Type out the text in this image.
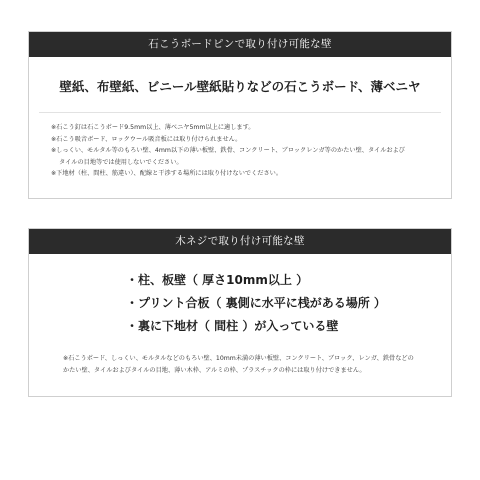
石こうボードピンで取り付け可能な壁
壁紙、布壁紙、ビニール壁紙貼りなどの石こうボード、薄ベニヤ
※石こう釘は石こうボード9.5mm以上、薄ベニヤ5mm以上に適します。
※石こう吸音ボード、ロックウール吸音板には取り付けられません。
※しっくい、モルタル等のもろい壁、4mm以下の薄い板壁、鉄骨、コンクリート、ブロックレンガ等のかたい壁、タイルおよび
タイルの目地等では使用しないでください。
※下地材（柱、間柱、筋違い）、配線と干渉する場所には取り付けないでください。
木ネジで取り付け可能な壁
・柱、板壁（ 厚さ10mm以上 ）
・プリント合板（ 裏側に水平に桟がある場所 ）
・裏に下地材（ 間柱 ）が入っている壁
※石こうボード、しっくい、モルタルなどのもろい壁、10mm未満の薄い板壁、コンクリート、ブロック、レンガ、鉄骨などの
かたい壁、タイルおよびタイルの目地、薄い木枠、アルミの枠、プラスチックの枠には取り付けできません。
